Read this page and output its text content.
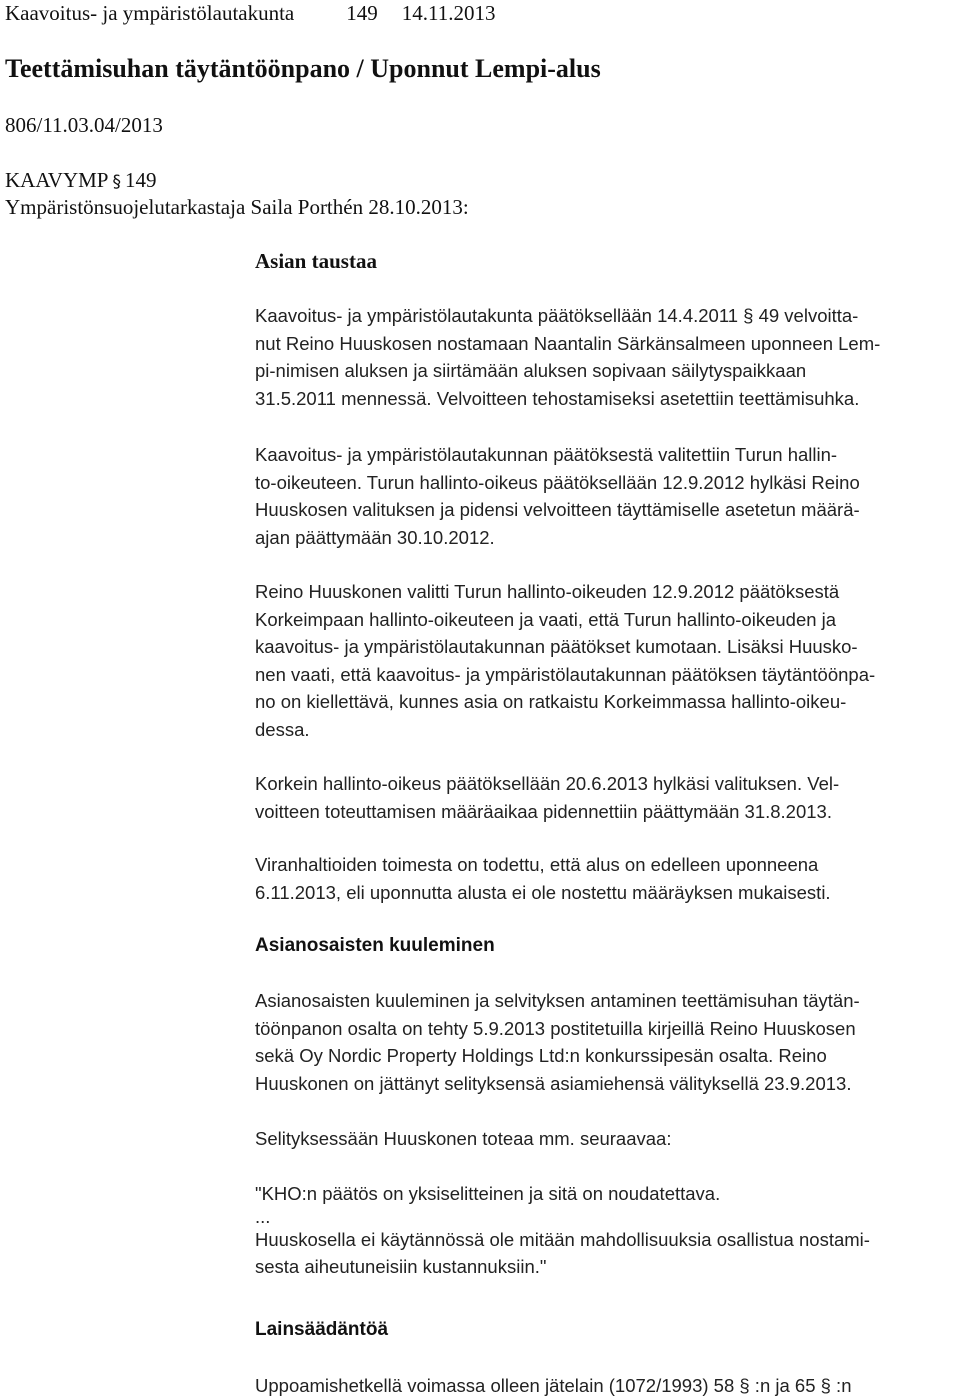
Kaavoitus- ja ympäristölautakunta 149 14.11.2013
Teettämisuhan täytäntöönpano / Uponnut Lempi-alus
806/11.03.04/2013
KAAVYMP § 149
Ympäristönsuojelutarkastaja Saila Porthén 28.10.2013:
Asian taustaa
Kaavoitus- ja ympäristölautakunta päätöksellään 14.4.2011 § 49 velvoitta-
nut Reino Huuskosen nostamaan Naantalin Särkänsalmeen uponneen Lem-
pi-nimisen aluksen ja siirtämään aluksen sopivaan säilytyspaikkaan
31.5.2011 mennessä. Velvoitteen tehostamiseksi asetettiin teettämisuhka.
Kaavoitus- ja ympäristölautakunnan päätöksestä valitettiin Turun hallin-
to-oikeuteen. Turun hallinto-oikeus päätöksellään 12.9.2012 hylkäsi Reino
Huuskosen valituksen ja pidensi velvoitteen täyttämiselle asetetun määrä-
ajan päättymään 30.10.2012.
Reino Huuskonen valitti Turun hallinto-oikeuden 12.9.2012 päätöksestä
Korkeimpaan hallinto-oikeuteen ja vaati, että Turun hallinto-oikeuden ja
kaavoitus- ja ympäristölautakunnan päätökset kumotaan. Lisäksi Huusko-
nen vaati, että kaavoitus- ja ympäristölautakunnan päätöksen täytäntöönpa-
no on kiellettävä, kunnes asia on ratkaistu Korkeimmassa hallinto-oikeu-
dessa.
Korkein hallinto-oikeus päätöksellään 20.6.2013 hylkäsi valituksen. Vel-
voitteen toteuttamisen määräaikaa pidennettiin päättymään 31.8.2013.
Viranhaltioiden toimesta on todettu, että alus on edelleen uponneena
6.11.2013, eli uponnutta alusta ei ole nostettu määräyksen mukaisesti.
Asianosaisten kuuleminen
Asianosaisten kuuleminen ja selvityksen antaminen teettämisuhan täytän-
töönpanon osalta on tehty 5.9.2013 postitetuilla kirjeillä Reino Huuskosen
sekä Oy Nordic Property Holdings Ltd:n konkurssipesän osalta. Reino
Huuskonen on jättänyt selityksensä asiamiehensä välityksellä 23.9.2013.
Selityksessään Huuskonen toteaa mm. seuraavaa:
"KHO:n päätös on yksiselitteinen ja sitä on noudatettava.
...
Huuskosella ei käytännössä ole mitään mahdollisuuksia osallistua nostami-
sesta aiheutuneisiin kustannuksiin."
Lainsäädäntöä
Uppoamishetkellä voimassa olleen jätelain (1072/1993) 58 § :n ja 65 § :n
